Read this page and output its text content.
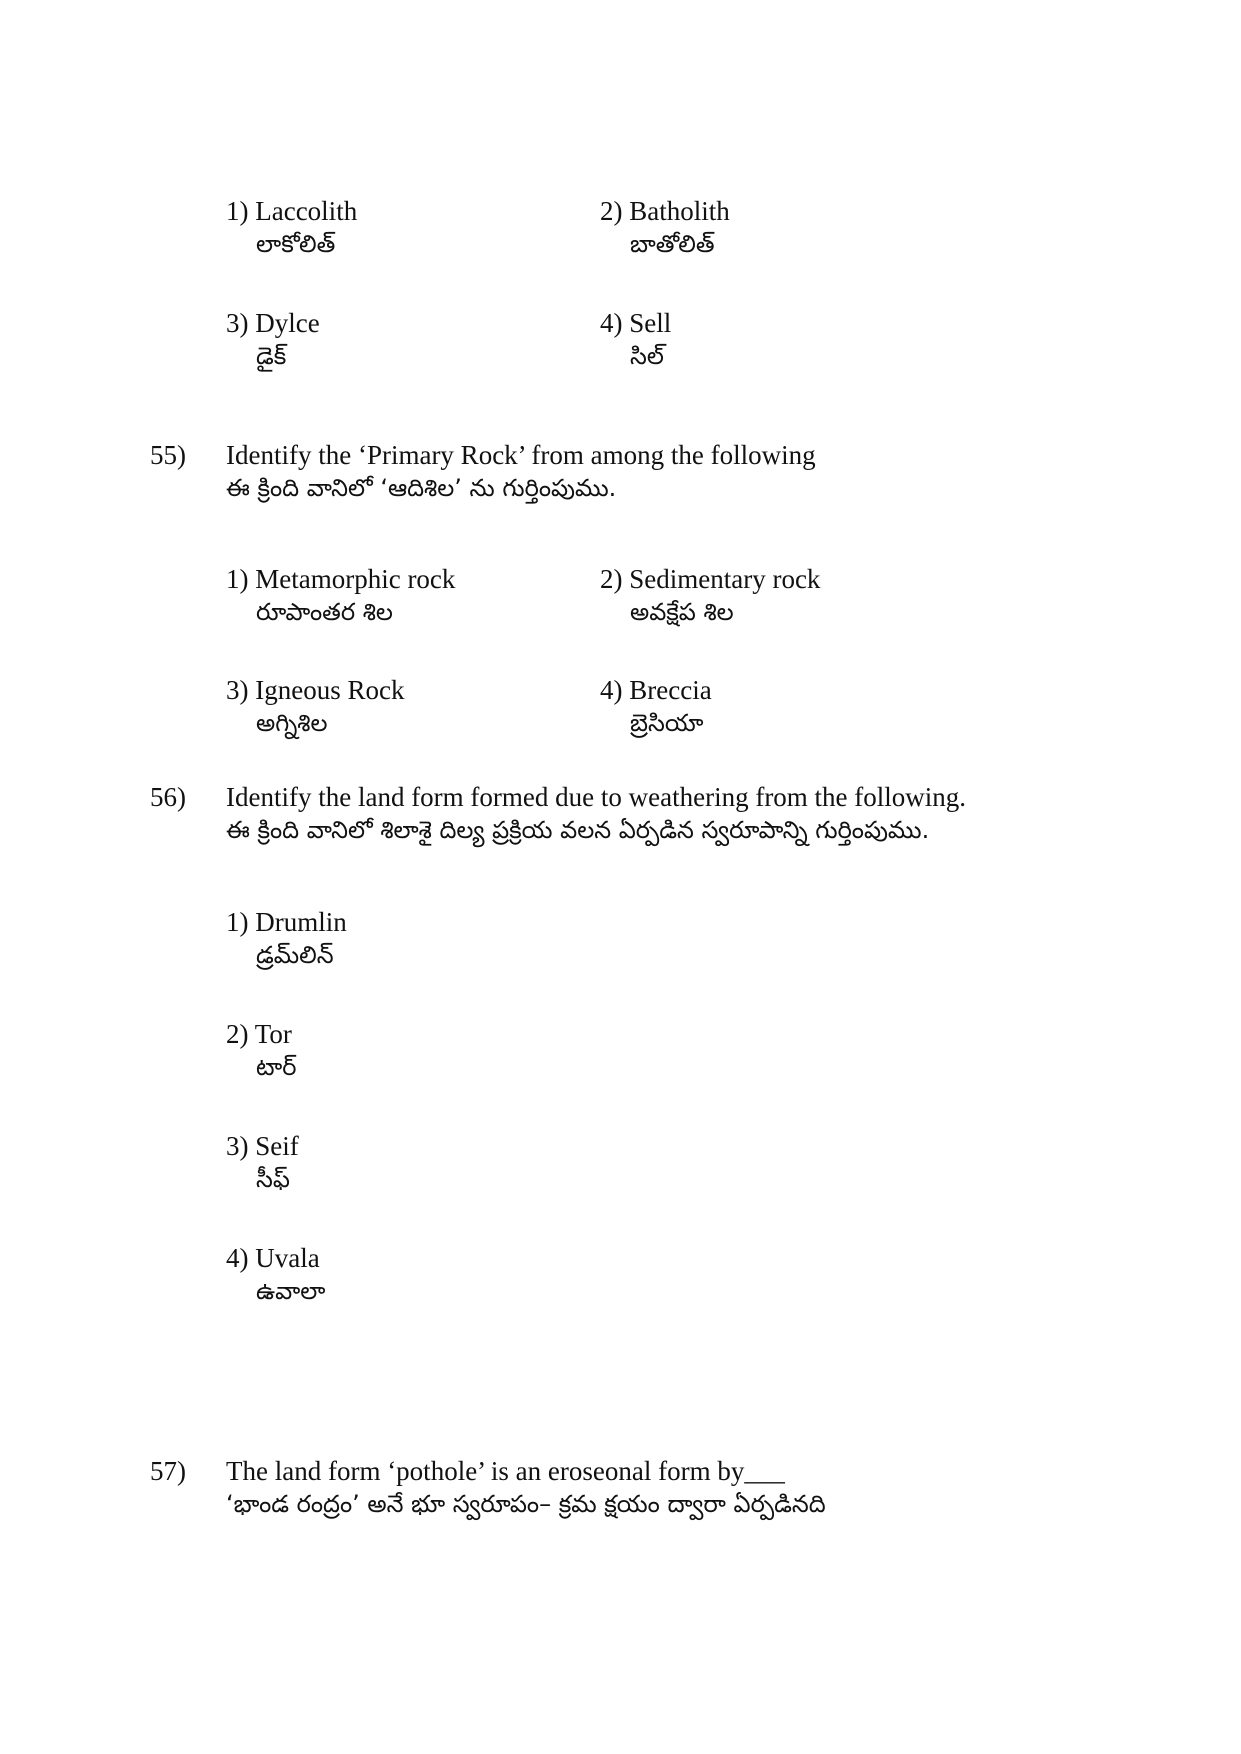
1) Laccolith
లాకోలిత్
2) Batholith
బాతోలిత్
3) Dylce
డైక్
4) Sell
సిల్
55) Identify the ‘Primary Rock’ from among the following
ఈ క్రింది వానిలో ‘ఆదిశిల’ ను గుర్తింపుము.
1) Metamorphic rock
రూపాంతర శిల
2) Sedimentary rock
అవక్షేప శిల
3) Igneous Rock
అగ్నిశిల
4) Breccia
బ్రెసియా
56) Identify the land form formed due to weathering from the following.
ఈ క్రింది వానిలో శిలాశై దిల్య ప్రక్రియ వలన ఏర్పడిన స్వరూపాన్ని గుర్తింపుము.
1) Drumlin
డ్రమ్‌లిన్
2) Tor
టార్
3) Seif
సీఫ్
4) Uvala
ఉవాలా
57) The land form ‘pothole’ is an eroseonal form by___
‘భాండ రంద్రం’ అనే భూ స్వరూపం– క్రమ క్షయం ద్వారా ఏర్పడినది
